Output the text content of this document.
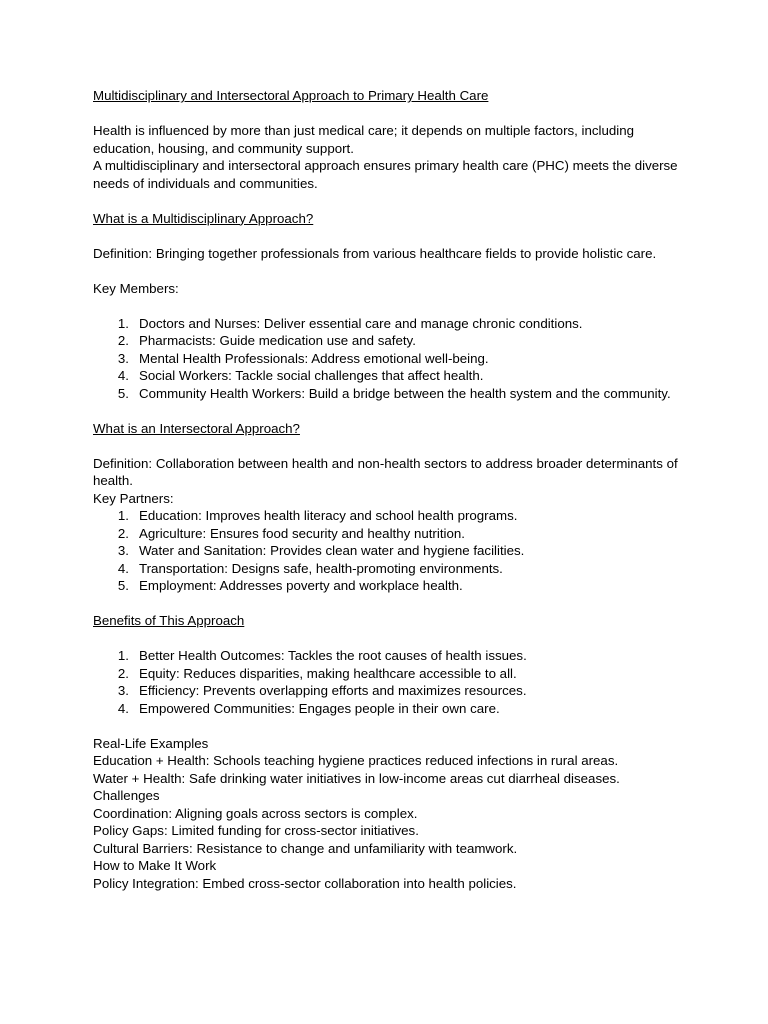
Multidisciplinary and Intersectoral Approach to Primary Health Care

Health is influenced by more than just medical care; it depends on multiple factors, including education, housing, and community support.

A multidisciplinary and intersectoral approach ensures primary health care (PHC) meets the diverse needs of individuals and communities.

What is a Multidisciplinary Approach?

Definition: Bringing together professionals from various healthcare fields to provide holistic care.

Key Members:

1. Doctors and Nurses: Deliver essential care and manage chronic conditions.
2. Pharmacists: Guide medication use and safety.
3. Mental Health Professionals: Address emotional well-being.
4. Social Workers: Tackle social challenges that affect health.
5. Community Health Workers: Build a bridge between the health system and the community.
What is an Intersectoral Approach?

Definition: Collaboration between health and non-health sectors to address broader determinants of health.

Key Partners:

1. Education: Improves health literacy and school health programs.
2. Agriculture: Ensures food security and healthy nutrition.
3. Water and Sanitation: Provides clean water and hygiene facilities.
4. Transportation: Designs safe, health-promoting environments.
5. Employment: Addresses poverty and workplace health.
Benefits of This Approach
1. Better Health Outcomes: Tackles the root causes of health issues.
2. Equity: Reduces disparities, making healthcare accessible to all.
3. Efficiency: Prevents overlapping efforts and maximizes resources.
4. Empowered Communities: Engages people in their own care.

Real-Life Examples

Education + Health: Schools teaching hygiene practices reduced infections in rural areas.

Water + Health: Safe drinking water initiatives in low-income areas cut diarrheal diseases.

Challenges

Coordination: Aligning goals across sectors is complex.

Policy Gaps: Limited funding for cross-sector initiatives.

Cultural Barriers: Resistance to change and unfamiliarity with teamwork.

How to Make It Work

Policy Integration: Embed cross-sector collaboration into health policies.
